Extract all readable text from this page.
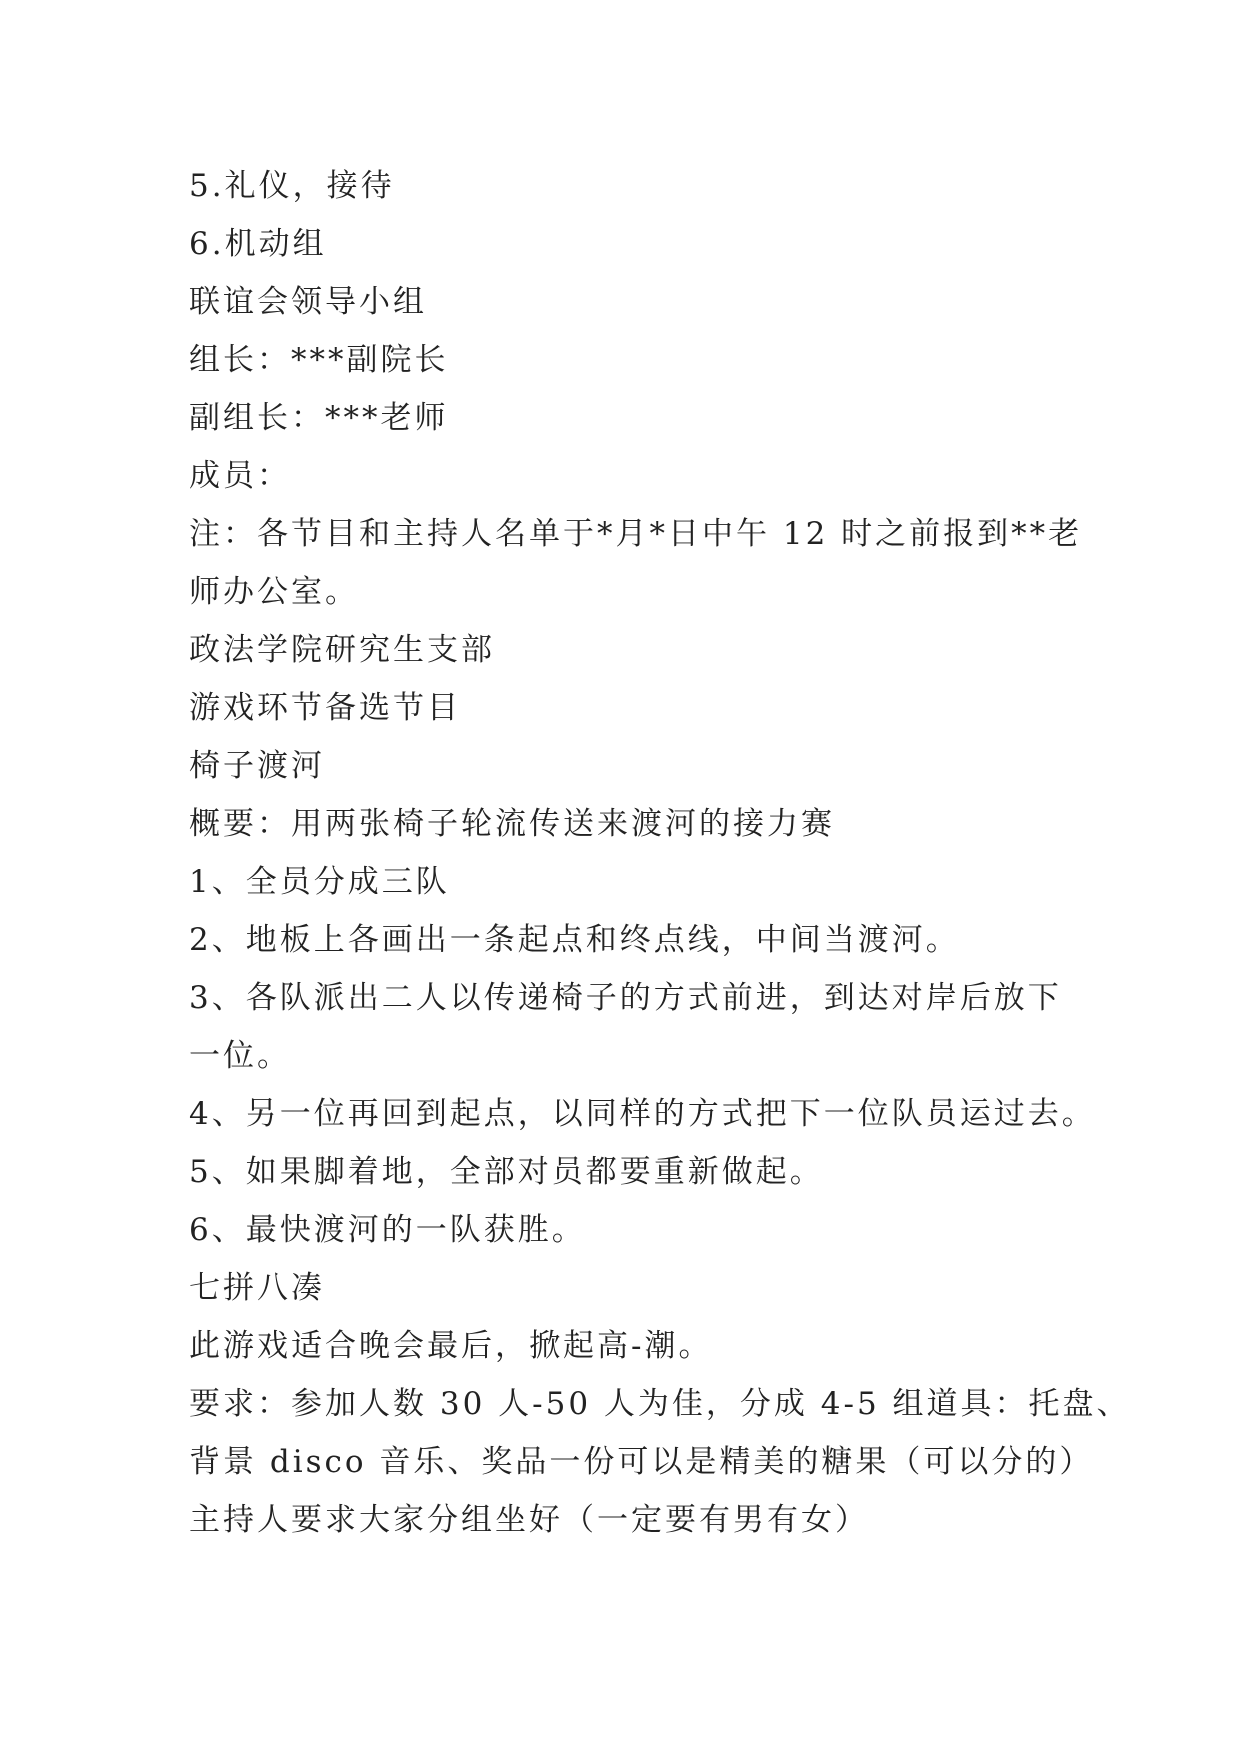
5.礼仪，接待
6.机动组
联谊会领导小组
组长：***副院长
副组长：***老师
成员：
注：各节目和主持人名单于*月*日中午 12 时之前报到**老
师办公室。
政法学院研究生支部
游戏环节备选节目
椅子渡河
概要：用两张椅子轮流传送来渡河的接力赛
1、全员分成三队
2、地板上各画出一条起点和终点线，中间当渡河。
3、各队派出二人以传递椅子的方式前进，到达对岸后放下
一位。
4、另一位再回到起点，以同样的方式把下一位队员运过去。
5、如果脚着地，全部对员都要重新做起。
6、最快渡河的一队获胜。
七拼八凑
此游戏适合晚会最后，掀起高-潮。
要求：参加人数 30 人-50 人为佳，分成 4-5 组道具：托盘、
背景 disco 音乐、奖品一份可以是精美的糖果（可以分的）
主持人要求大家分组坐好（一定要有男有女）
